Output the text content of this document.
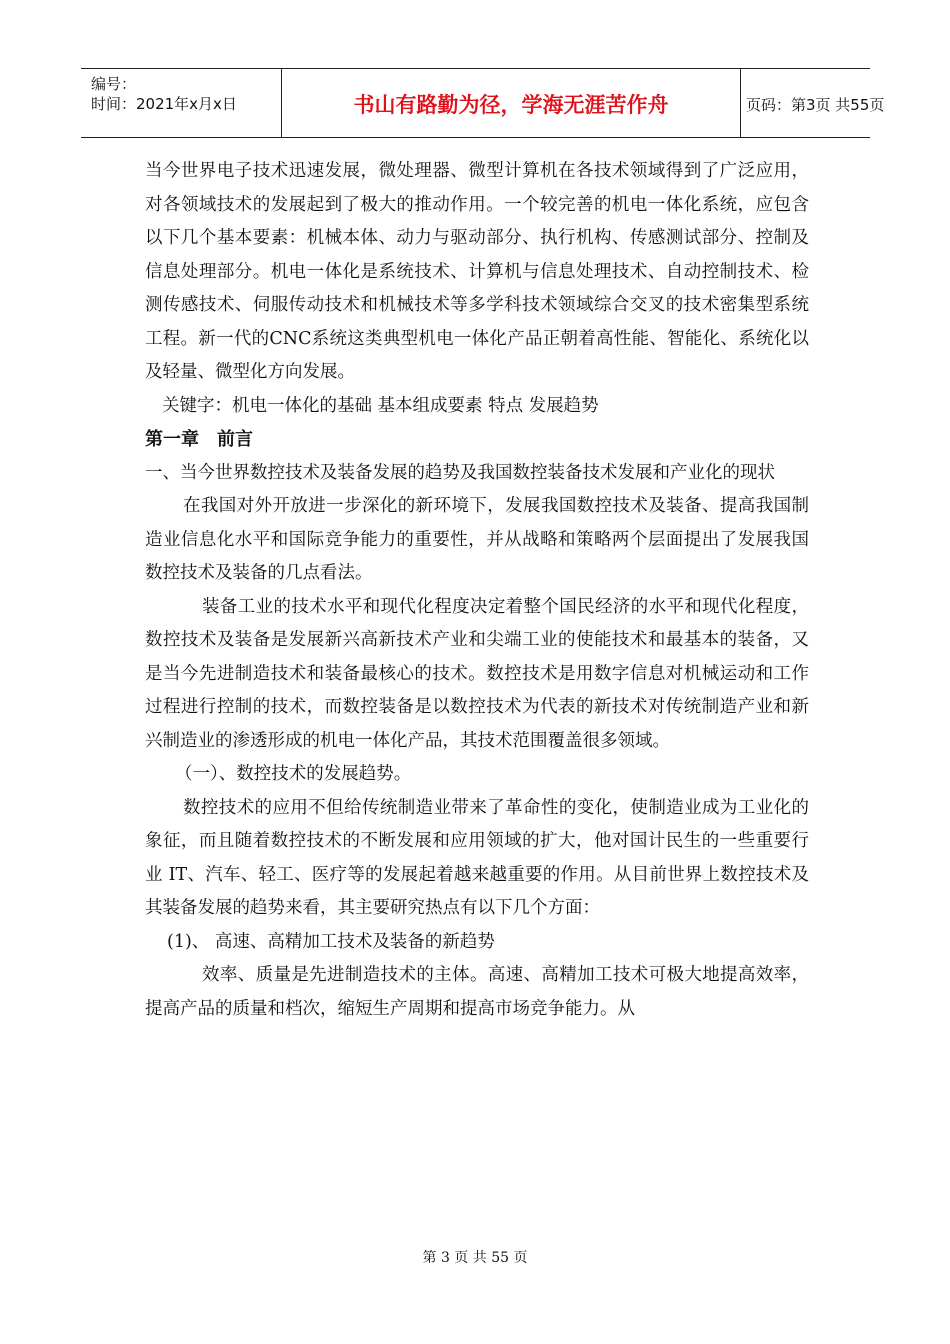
编号：
时间：2021年x月x日	书山有路勤为径，学海无涯苦作舟	页码：第3页 共55页

当今世界电子技术迅速发展，微处理器、微型计算机在各技术领域得到了广泛应用，对各领域技术的发展起到了极大的推动作用。一个较完善的机电一体化系统，应包含以下几个基本要素：机械本体、动力与驱动部分、执行机构、传感测试部分、控制及信息处理部分。机电一体化是系统技术、计算机与信息处理技术、自动控制技术、检测传感技术、伺服传动技术和机械技术等多学科技术领域综合交叉的技术密集型系统工程。新一代的CNC系统这类典型机电一体化产品正朝着高性能、智能化、系统化以及轻量、微型化方向发展。

关键字：机电一体化的基础 基本组成要素 特点 发展趋势

第一章　前言

一、当今世界数控技术及装备发展的趋势及我国数控装备技术发展和产业化的现状

在我国对外开放进一步深化的新环境下，发展我国数控技术及装备、提高我国制造业信息化水平和国际竞争能力的重要性，并从战略和策略两个层面提出了发展我国数控技术及装备的几点看法。

装备工业的技术水平和现代化程度决定着整个国民经济的水平和现代化程度，数控技术及装备是发展新兴高新技术产业和尖端工业的使能技术和最基本的装备，又是当今先进制造技术和装备最核心的技术。数控技术是用数字信息对机械运动和工作过程进行控制的技术，而数控装备是以数控技术为代表的新技术对传统制造产业和新兴制造业的渗透形成的机电一体化产品，其技术范围覆盖很多领域。

（一）、数控技术的发展趋势。

数控技术的应用不但给传统制造业带来了革命性的变化，使制造业成为工业化的象征，而且随着数控技术的不断发展和应用领域的扩大，他对国计民生的一些重要行业 IT、汽车、轻工、医疗等的发展起着越来越重要的作用。从目前世界上数控技术及其装备发展的趋势来看，其主要研究热点有以下几个方面：

(1)、 高速、高精加工技术及装备的新趋势

效率、质量是先进制造技术的主体。高速、高精加工技术可极大地提高效率，提高产品的质量和档次，缩短生产周期和提高市场竞争能力。从

第 3 页 共 55 页
